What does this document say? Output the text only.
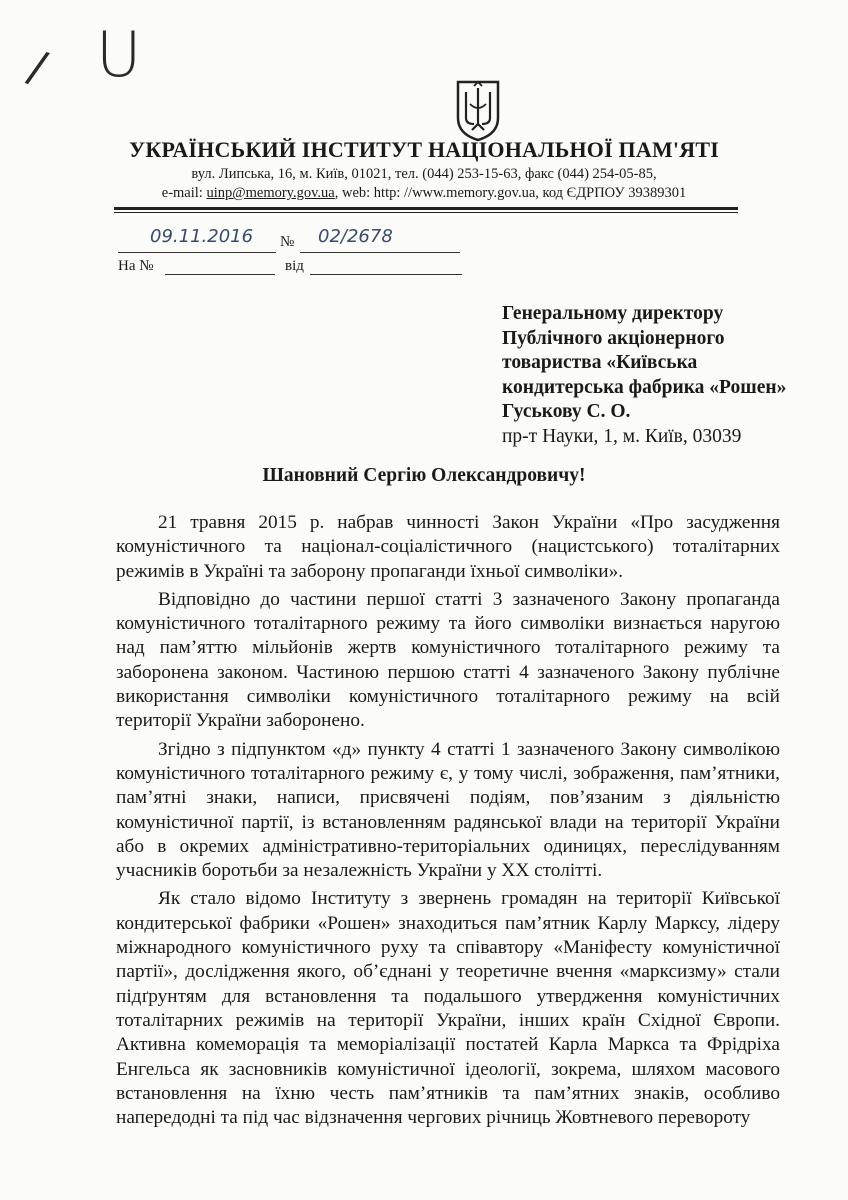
/ U
УКРАЇНСЬКИЙ ІНСТИТУТ НАЦІОНАЛЬНОЇ ПАМ'ЯТІ
вул. Липська, 16, м. Київ, 01021, тел. (044) 253-15-63, факс (044) 254-05-85,
e-mail: uinp@memory.gov.ua, web: http: //www.memory.gov.ua, код ЄДРПОУ 39389301
09.11.2016 № 02/2678
На №	від
Генеральному директору
Публічного акціонерного
товариства «Київська
кондитерська фабрика «Рошен»
Гуськову С. О.
пр-т Науки, 1, м. Київ, 03039
Шановний Сергію Олександровичу!

21 травня 2015 р. набрав чинності Закон України «Про засудження комуністичного та націонал-соціалістичного (нацистського) тоталітарних режимів в Україні та заборону пропаганди їхньої символіки».

Відповідно до частини першої статті 3 зазначеного Закону пропаганда комуністичного тоталітарного режиму та його символіки визнається наругою над пам’яттю мільйонів жертв комуністичного тоталітарного режиму та заборонена законом. Частиною першою статті 4 зазначеного Закону публічне використання символіки комуністичного тоталітарного режиму на всій території України заборонено.

Згідно з підпунктом «д» пункту 4 статті 1 зазначеного Закону символікою комуністичного тоталітарного режиму є, у тому числі, зображення, пам’ятники, пам’ятні знаки, написи, присвячені подіям, пов’язаним з діяльністю комуністичної партії, із встановленням радянської влади на території України або в окремих адміністративно-територіальних одиницях, переслідуванням учасників боротьби за незалежність України у ХХ столітті.

Як стало відомо Інституту з звернень громадян на території Київської кондитерської фабрики «Рошен» знаходиться пам’ятник Карлу Марксу, лідеру міжнародного комуністичного руху та співавтору «Маніфесту комуністичної партії», дослідження якого, об’єднані у теоретичне вчення «марксизму» стали підґрунтям для встановлення та подальшого утвердження комуністичних тоталітарних режимів на території України, інших країн Східної Європи. Активна комеморація та меморіалізації постатей Карла Маркса та Фрідріха Енгельса як засновників комуністичної ідеології, зокрема, шляхом масового встановлення на їхню честь пам’ятників та пам’ятних знаків, особливо напередодні та під час відзначення чергових річниць Жовтневого перевороту
